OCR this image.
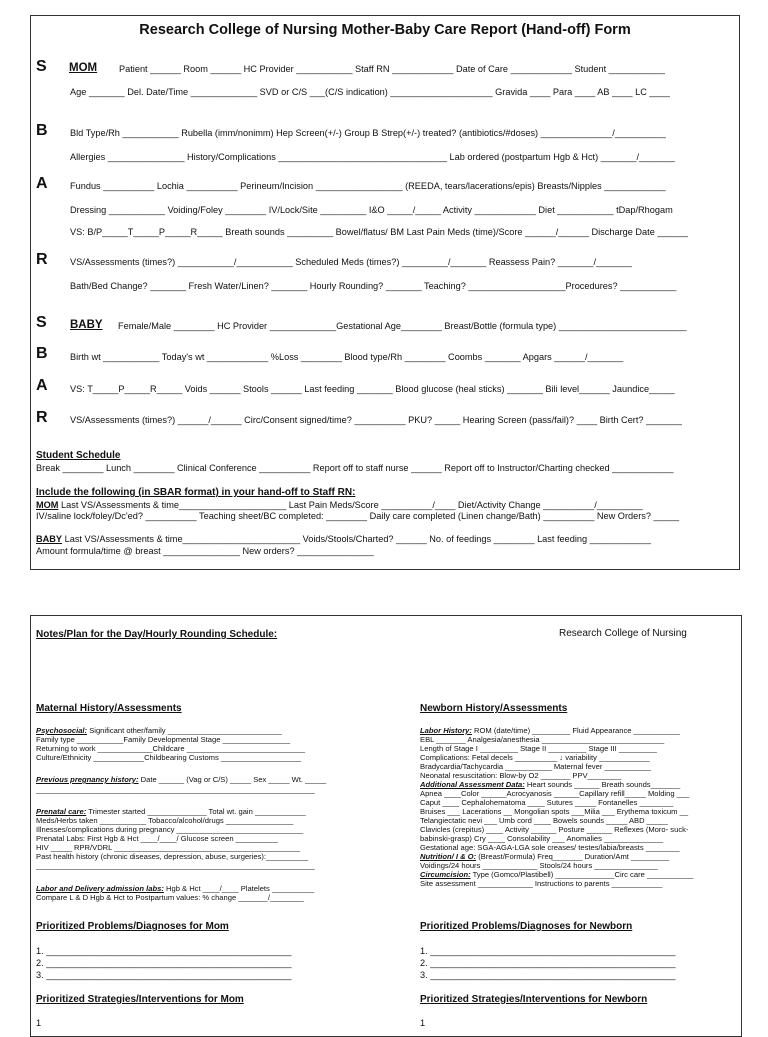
Research College of Nursing Mother-Baby Care Report (Hand-off) Form
S MOM Patient ______ Room ______ HC Provider ___________ Staff RN ____________ Date of Care ____________ Student ___________
Age _______ Del. Date/Time _____________ SVD or C/S ___(C/S indication) ____________________ Gravida ____ Para ____ AB ____ LC ____
B Bld Type/Rh ___________ Rubella (imm/nonimm) Hep Screen(+/-) Group B Strep(+/-) treated? (antibiotics/#doses) ______________/__________
Allergies _______________ History/Complications _________________________________ Lab ordered (postpartum Hgb & Hct) _______/_______
A Fundus __________ Lochia __________ Perineum/Incision _________________ (REEDA, tears/lacerations/epis) Breasts/Nipples ____________
Dressing ___________ Voiding/Foley ________ IV/Lock/Site _________ I&O _____/_____ Activity ____________ Diet ___________ tDap/Rhogam
VS: B/P_____T_____P_____R_____ Breath sounds _________ Bowel/flatus/ BM Last Pain Meds (time)/Score ______/______ Discharge Date ______
R VS/Assessments (times?) ___________/___________ Scheduled Meds (times?) _________/_______ Reassess Pain? _______/_______
Bath/Bed Change? _______ Fresh Water/Linen? _______ Hourly Rounding? _______ Teaching? ___________________Procedures? ___________
S BABY Female/Male ________ HC Provider _____________Gestational Age________ Breast/Bottle (formula type) _________________________
B Birth wt ___________ Today's wt ____________ %Loss ________ Blood type/Rh ________ Coombs _______ Apgars ______/_______
A VS: T_____P_____R_____ Voids ______ Stools ______ Last feeding _______ Blood glucose (heal sticks) _______ Bili level______ Jaundice_____
R VS/Assessments (times?) ______/______ Circ/Consent signed/time? __________ PKU? _____ Hearing Screen (pass/fail)? ____ Birth Cert? _______
Student Schedule
Break ________ Lunch ________ Clinical Conference __________ Report off to staff nurse ______ Report off to Instructor/Charting checked ____________
Include the following (in SBAR format) in your hand-off to Staff RN:
MOM Last VS/Assessments & time_____________________ Last Pain Meds/Score __________/____ Diet/Activity Change __________/_________
IV/saline lock/foley/Dc'ed? __________ Teaching sheet/BC completed: ________ Daily care completed (Linen change/Bath) __________ New Orders? _____
BABY Last VS/Assessments & time_______________________ Voids/Stools/Charted? ______ No. of feedings ________ Last feeding ____________
Amount formula/time @ breast _______________ New orders? _______________
Notes/Plan for the Day/Hourly Rounding Schedule:	Research College of Nursing
Maternal History/Assessments
Psychosocial: Significant other/family ___________________________
Family type ___________Family Developmental Stage ________________
Returning to work _____________Childcare ____________________________
Culture/Ethnicity ____________Childbearing Customs ___________________
Previous pregnancy history: Date ______ (Vag or C/S) _____ Sex _____ Wt. _____
__________________________________________________________________
Prenatal care: Trimester started ______________ Total wt. gain ____________
Meds/Herbs taken ___________ Tobacco/alcohol/drugs ________________
Illnesses/complications during pregnancy ______________________________
Prenatal Labs: First Hgb & Hct ____/____/ Glucose screen __________
HIV _____ RPR/VDRL ____________________________________________
Past health history (chronic diseases, depression, abuse, surgeries):__________
__________________________________________________________________
Labor and Delivery admission labs: Hgb & Hct ____/____ Platelets __________
Compare L & D Hgb & Hct to Postpartum values: % change _______/________
Newborn History/Assessments
Labor History: ROM (date/time) _________ Fluid Appearance ___________
EBL _______ Analgesia/anesthesia _____________________________
Length of Stage I _________ Stage II _________ Stage III _________
Complications: Fetal decels __________ ↓ variability ____________
Bradycardia/Tachycardia ___________ Maternal fever ___________
Neonatal resuscitation: Blow-by O2 _______ PPV________
Additional Assessment Data: Heart sounds ______ Breath sounds_______
Apnea ____Color ______Acrocyanosis ______Capillary refill_____ Molding ___
Caput ____ Cephalohematoma ____ Sutures _____ Fontanelles ________
Bruises ___ Lacerations __ Mongolian spots ___Milia ___ Erythema toxicum __
Telangiectatic nevi ___ Umb cord ____ Bowels sounds _____ ABD _____
Clavicles (crepitus) ____ Activity ______ Posture ______ Reflexes (Moro- suck-
babinski-grasp) Cry ____ Consolability ___ Anomalies ______________
Gestational age: SGA-AGA-LGA sole creases/ testes/labia/breasts ________
Nutrition/ I & O: (Breast/Formula) Freq_______ Duration/Amt _________
Voidings/24 hours _____________ Stools/24 hours _______________
Circumcision: Type (Gomco/Plastibell) ______________Circ care ___________
Site assessment _____________ Instructions to parents ____________
Prioritized Problems/Diagnoses for Mom
1. ________________________________________________
2. ________________________________________________
3. ________________________________________________
Prioritized Problems/Diagnoses for Newborn
1. ________________________________________________
2. ________________________________________________
3. ________________________________________________
Prioritized Strategies/Interventions for Mom
1
Prioritized Strategies/Interventions for Newborn
1
